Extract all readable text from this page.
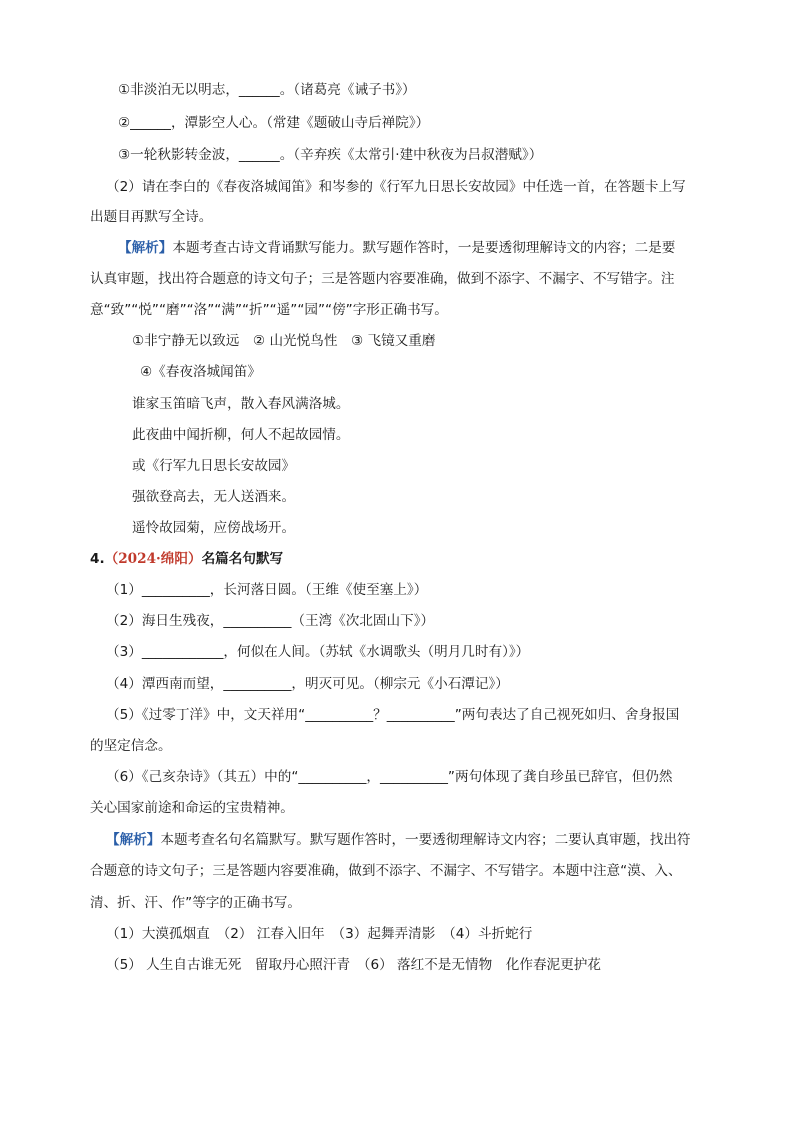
①非淡泊无以明志，______。（诸葛亮《诫子书》）
②______，潭影空人心。（常建《题破山寺后禅院》）
③一轮秋影转金波，______。（辛弃疾《太常引·建中秋夜为吕叔潜赋》）
（2）请在李白的《春夜洛城闻笛》和岑参的《行军九日思长安故园》中任选一首，在答题卡上写
出题目再默写全诗。
【解析】本题考查古诗文背诵默写能力。默写题作答时，一是要透彻理解诗文的内容；二是要
认真审题，找出符合题意的诗文句子；三是答题内容要准确，做到不添字、不漏字、不写错字。注
意“致”“悦”“磨”“洛”“满”“折”“遥”“园”“傍”字形正确书写。
①非宁静无以致远　② 山光悦鸟性　③ 飞镜又重磨
④《春夜洛城闻笛》
谁家玉笛暗飞声，散入春风满洛城。
此夜曲中闻折柳，何人不起故园情。
或《行军九日思长安故园》
强欲登高去，无人送酒来。
遥怜故园菊，应傍战场开。
4.（2024·绵阳）名篇名句默写
（1）__________，长河落日圆。（王维《使至塞上》）
（2）海日生残夜，__________（王湾《次北固山下》）
（3）____________，何似在人间。（苏轼《水调歌头（明月几时有）》）
（4）潭西南而望，__________，明灭可见。（柳宗元《小石潭记》）
（5）《过零丁洋》中，文天祥用“__________？__________”两句表达了自己视死如归、舍身报国
的坚定信念。
（6）《己亥杂诗》（其五）中的“__________，__________”两句体现了龚自珍虽已辞官，但仍然
关心国家前途和命运的宝贵精神。
【解析】本题考查名句名篇默写。默写题作答时，一要透彻理解诗文内容；二要认真审题，找出符
合题意的诗文句子；三是答题内容要准确，做到不添字、不漏字、不写错字。本题中注意“漠、入、
清、折、汗、作”等字的正确书写。
（1）大漠孤烟直　（2） 江春入旧年　（3）起舞弄清影　（4）斗折蛇行
（5） 人生自古谁无死　留取丹心照汗青　（6） 落红不是无情物　化作春泥更护花
